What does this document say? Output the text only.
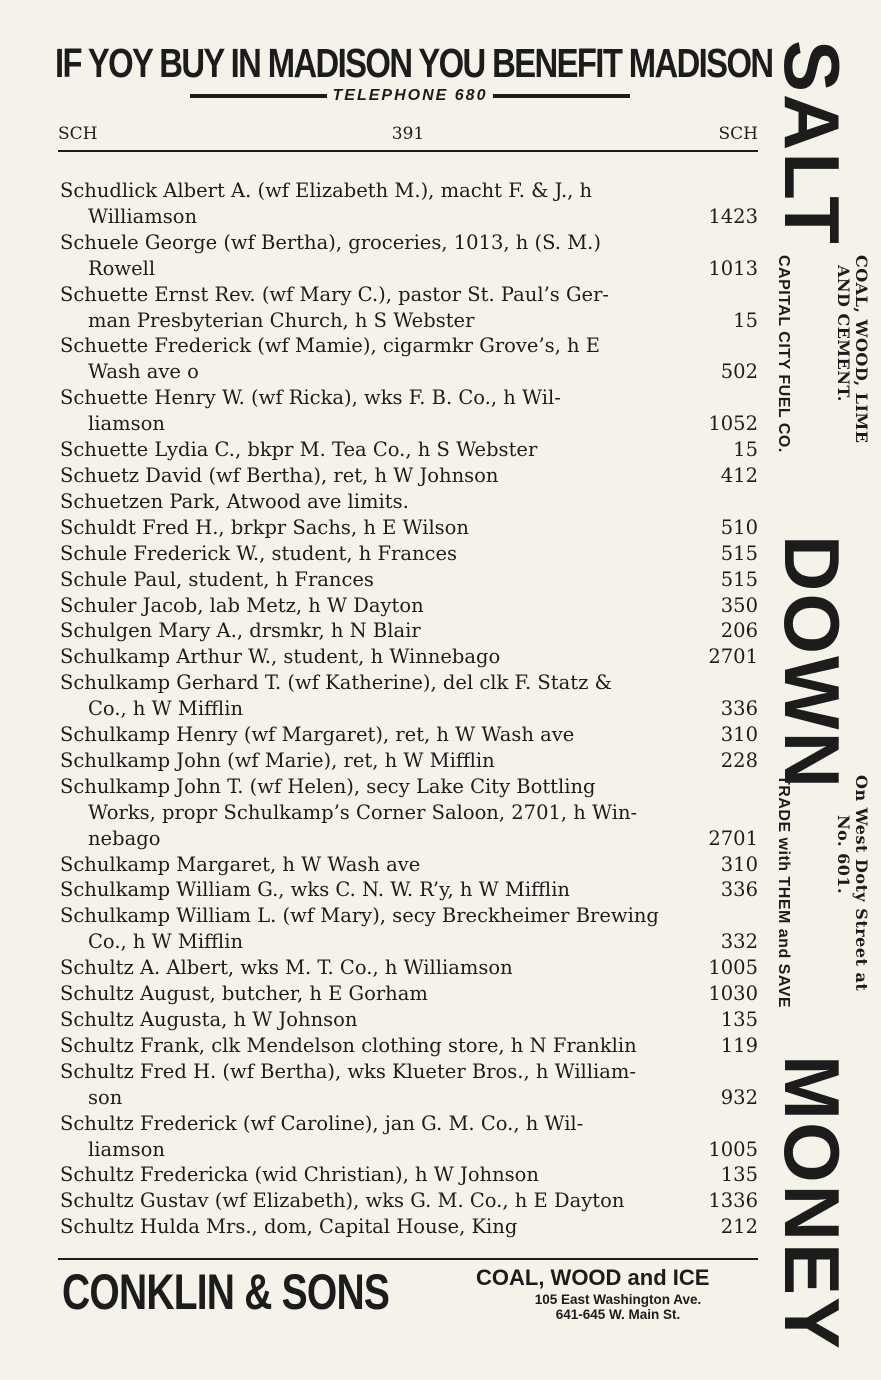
IF YOY BUY IN MADISON YOU BENEFIT MADISON
TELEPHONE 680
SCH	391	SCH
Schudlick Albert A. (wf Elizabeth M.), macht F. & J., h
Williamson	1423
Schuele George (wf Bertha), groceries, 1013, h (S. M.)
Rowell	1013
Schuette Ernst Rev. (wf Mary C.), pastor St. Paul’s Ger-
man Presbyterian Church, h S Webster	15
Schuette Frederick (wf Mamie), cigarmkr Grove’s, h E
Wash ave o	502
Schuette Henry W. (wf Ricka), wks F. B. Co., h Wil-
liamson	1052
Schuette Lydia C., bkpr M. Tea Co., h S Webster	15
Schuetz David (wf Bertha), ret, h W Johnson	412
Schuetzen Park, Atwood ave limits.
Schuldt Fred H., brkpr Sachs, h E Wilson	510
Schule Frederick W., student, h Frances	515
Schule Paul, student, h Frances	515
Schuler Jacob, lab Metz, h W Dayton	350
Schulgen Mary A., drsmkr, h N Blair	206
Schulkamp Arthur W., student, h Winnebago	2701
Schulkamp Gerhard T. (wf Katherine), del clk F. Statz &
Co., h W Mifflin	336
Schulkamp Henry (wf Margaret), ret, h W Wash ave	310
Schulkamp John (wf Marie), ret, h W Mifflin	228
Schulkamp John T. (wf Helen), secy Lake City Bottling
Works, propr Schulkamp’s Corner Saloon, 2701, h Win-
nebago	2701
Schulkamp Margaret, h W Wash ave	310
Schulkamp William G., wks C. N. W. R’y, h W Mifflin	336
Schulkamp William L. (wf Mary), secy Breckheimer Brewing
Co., h W Mifflin	332
Schultz A. Albert, wks M. T. Co., h Williamson	1005
Schultz August, butcher, h E Gorham	1030
Schultz Augusta, h W Johnson	135
Schultz Frank, clk Mendelson clothing store, h N Franklin	119
Schultz Fred H. (wf Bertha), wks Klueter Bros., h William-
son	932
Schultz Frederick (wf Caroline), jan G. M. Co., h Wil-
liamson	1005
Schultz Fredericka (wid Christian), h W Johnson	135
Schultz Gustav (wf Elizabeth), wks G. M. Co., h E Dayton	1336
Schultz Hulda Mrs., dom, Capital House, King	212
CONKLIN & SONS	COAL, WOOD and ICE
105 East Washington Ave.
641-645 W. Main St.
SALT
COAL, WOOD, LIME
AND CEMENT.
CAPITAL CITY FUEL CO.
DOWN
On West Doty Street at
No. 601.
TRADE with THEM and SAVE
MONEY
